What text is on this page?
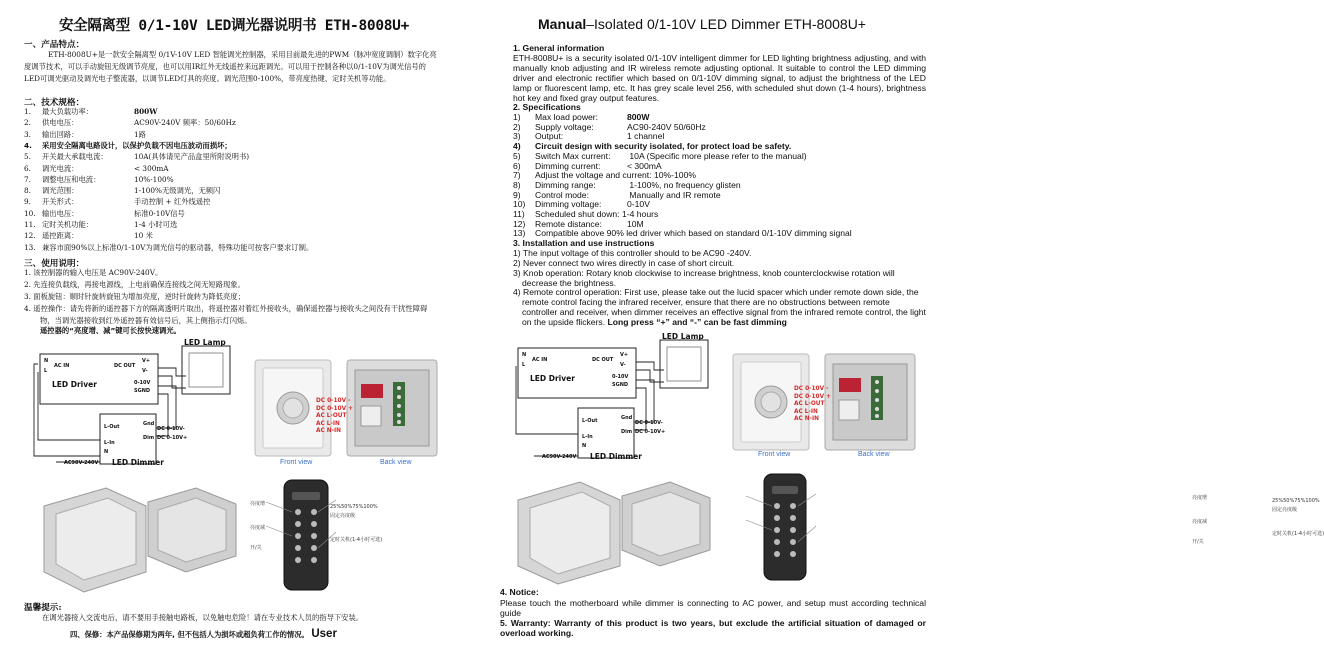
安全隔离型 0/1-10V LED调光器说明书 ETH-8008U+
一、产品特点：
ETH-8008U+是一款安全隔离型 0/1V-10V LED 智能调光控制器，采用目前最先进的PWM（脉冲宽度调制）数字化亮度调节技术，可以手动旋钮无级调节亮度，也可以用IR红外无线遥控来远距调光。可以用于控制各种以0/1-10V为调光信号的LED可调光驱动及调光电子整流器，以调节LED灯具的亮度。调光范围0-100%，带亮度热键、定时关机等功能。
二、技术规格：
1. 最大负载功率：	800W
2. 供电电压：	AC90V-240V 频率：50/60Hz
3. 输出回路：	1路
4. 采用安全隔离电路设计，以保护负载不因电压波动而损坏；
5. 开关最大承载电流：	10A(具体请见产品盒里所附说明书)
6. 调光电流：	< 300mA
7. 调整电压和电流：	10%-100%
8. 调光范围：	1-100%无级调光，无频闪
9. 开关形式：	手动控制 + 红外线遥控
10. 输出电压：	标准0-10V信号
11. 定时关机功能：	1-4 小时可选
12. 遥控距离：	10 米
13. 兼容市面90%以上标准0/1-10V为调光信号的驱动器，特殊功能可按客户要求订制。
三、使用说明：
1. 该控制器的输入电压是 AC90V-240V。
2. 先连接负载线，再接电源线，上电前确保连接线之间无短路现象。
3. 面板旋钮：顺时针旋转旋钮为增加亮度，逆时针旋转为降低亮度；
4. 遥控操作：请先将新的遥控器下方的隔离透明片取出，将遥控器对着红外接收头，确保遥控器与接收头之间没有干扰性障碍物，当调光器接收到红外遥控器有效信号后，其上侧指示灯闪烁。
遥控器的“亮度增、减”键可长按快速调光。
LED Lamp
N
L
AC IN	DC OUT
V+
V-
LED Driver	0-10V
SGND
L-Out	Gnd
Dim
DC 0-10V-
DC 0-10V+
L-In
N
AC90V-240V LED Dimmer
DC 0-10V -
DC 0-10V +
AC L-OUT
AC L-IN
AC N-IN
Front view	Back view
亮度增
亮度减
开/关
25%50%75%100%
固定亮度级
定时关机(1-4小时可选)
温馨提示:
在调光器接入交流电后，请不要用手接触电路板，以免触电危险！请在专业技术人员的指导下安装。
四、保修：本产品保修期为两年, 但不包括人为损坏或超负荷工作的情况。 User
Manual–Isolated 0/1-10V LED Dimmer ETH-8008U+
1. General information
ETH-8008U+ is a security isolated 0/1-10V intelligent dimmer for LED lighting brightness adjusting, and with manually knob adjusting and IR wireless remote adjusting optional. It suitable to control the LED dimming driver and electronic rectifier which based on 0/1-10V dimming signal, to adjust the brightness of the LED lamp or fluorescent lamp, etc. It has grey scale level 256, with scheduled shut down (1-4 hours), brightness hot key and fixed gray output features.
2. Specifications
1) Max load power:	800W
2) Supply voltage:	AC90-240V 50/60Hz
3) Output:	1 channel
4) Circuit design with security isolated, for protect load be safety.
5) Switch Max current: 10A (Specific more please refer to the manual)
6) Dimming current:	< 300mA
7) Adjust the voltage and current: 10%-100%
8) Dimming range:	1-100%, no frequency glisten
9) Control mode:	Manually and IR remote
10) Dimming voltage:	0-10V
11) Scheduled shut down: 1-4 hours
12) Remote distance:	10M
13) Compatible above 90% led driver which based on standard 0/1-10V dimming signal
3. Installation and use instructions
1) The input voltage of this controller should to be AC90 -240V.
2) Never connect two wires directly in case of short circuit.
3) Knob operation: Rotary knob clockwise to increase brightness, knob counterclockwise rotation will decrease the brightness.
4) Remote control operation: First use, please take out the lucid spacer which under remote down side, the remote control facing the infrared receiver, ensure that there are no obstructions between remote controller and receiver, when dimmer receives an effective signal from the infrared remote control, the light on the upside flickers. Long press “+” and “-” can be fast dimming
LED Lamp
N
L
AC IN	DC OUT
V+
V-
LED Driver	0-10V
SGND
L-Out	Gnd
Dim
DC 0-10V-
DC 0-10V+
L-In
N
AC90V-240V LED Dimmer
DC 0-10V -
DC 0-10V +
AC L-OUT
AC L-IN
AC N-IN
Front view	Back view
亮度增
亮度减
开/关
25%50%75%100%
固定亮度级
定时关机(1-4小时可选)
4. Notice:
Please touch the motherboard while dimmer is connecting to AC power, and setup must according technical guide
5. Warranty: Warranty of this product is two years, but exclude the artificial situation of damaged or overload working.
